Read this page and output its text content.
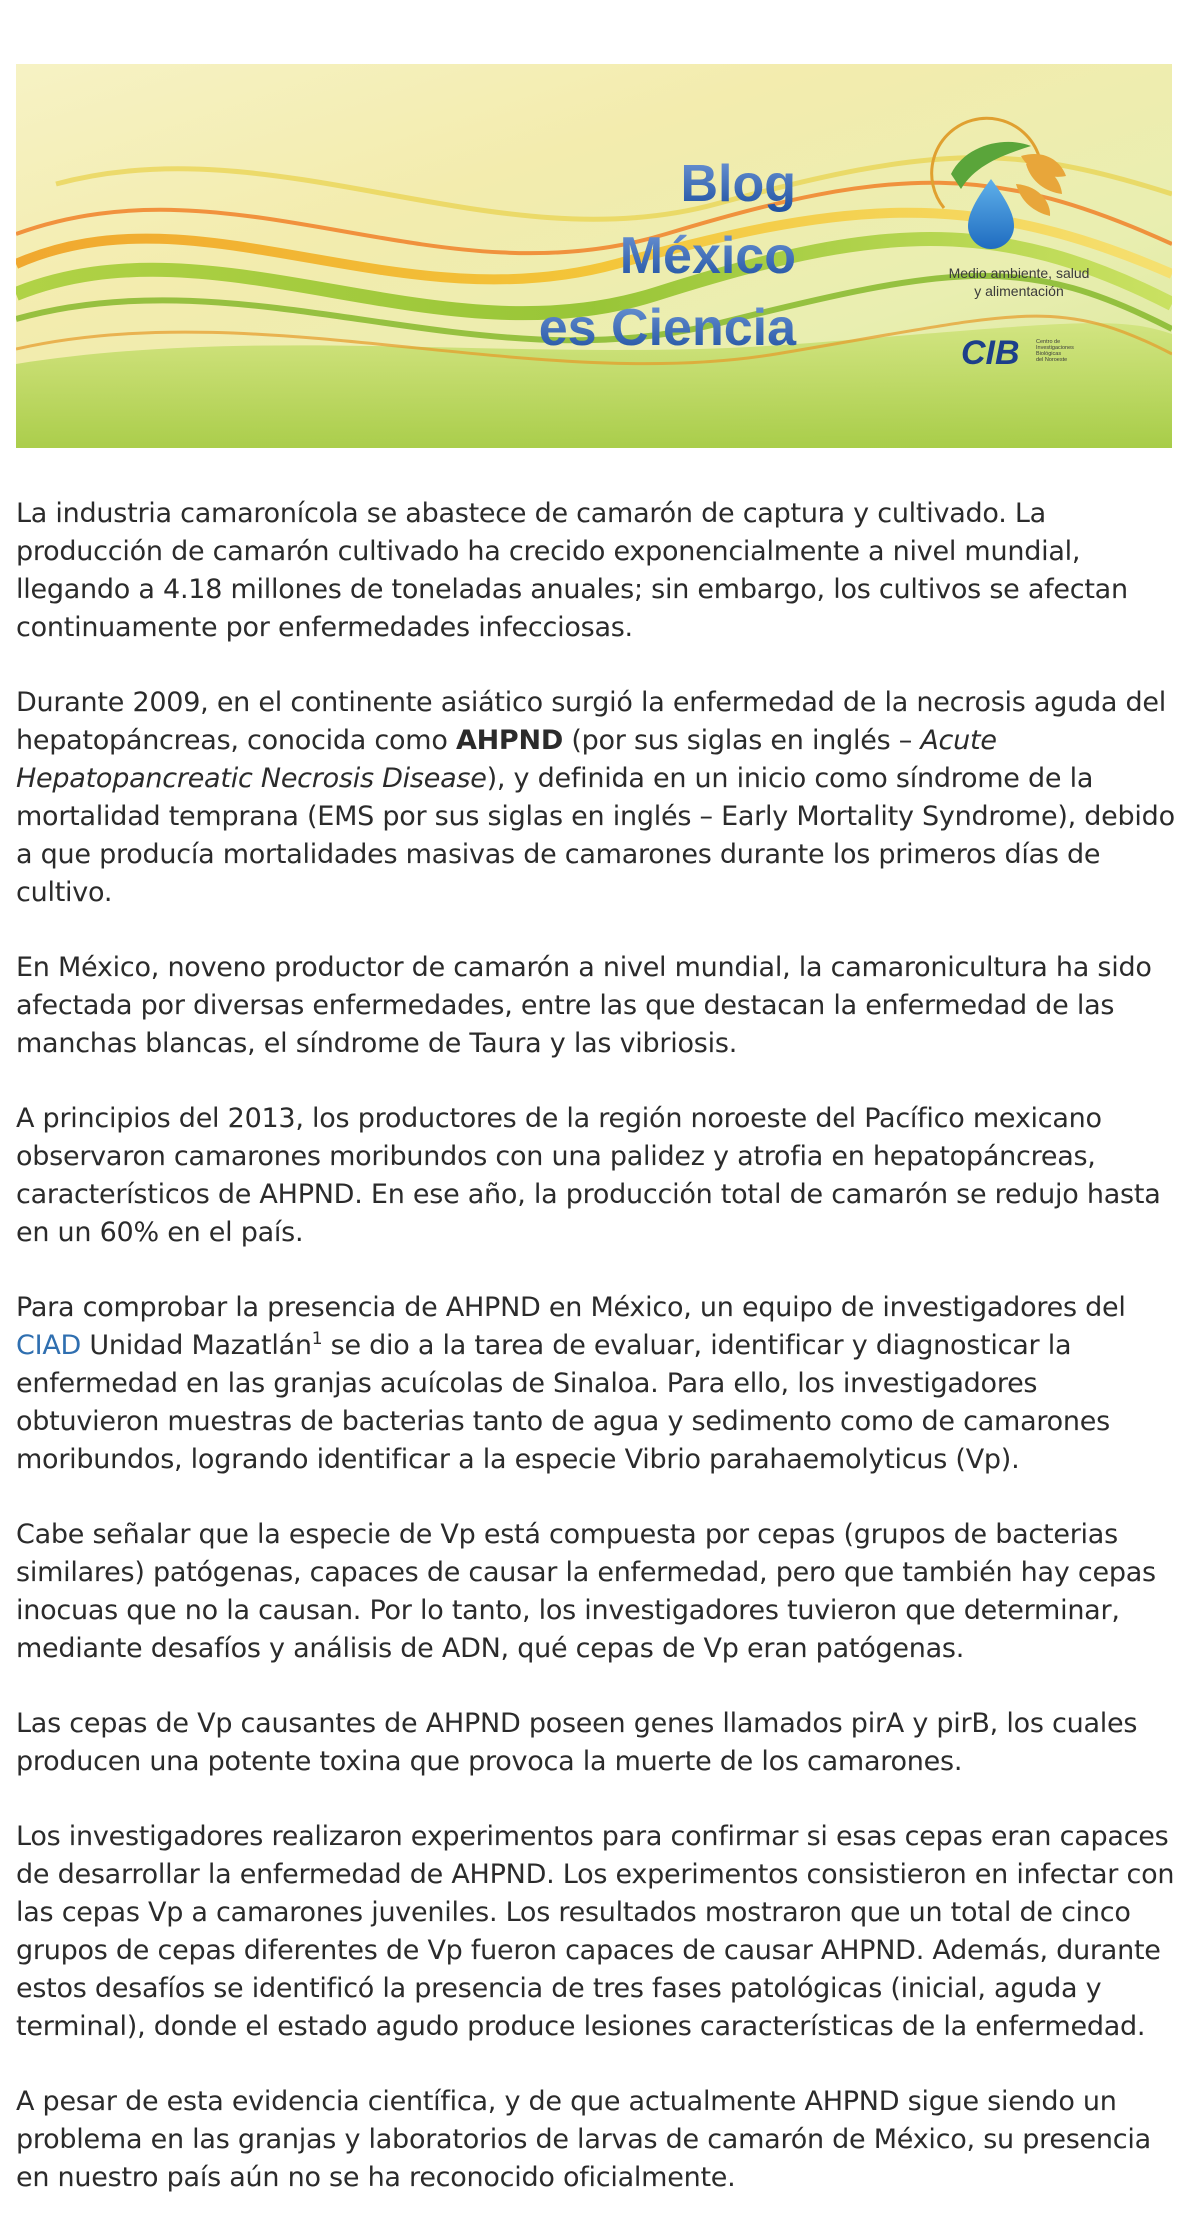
Blog
México
es Ciencia
Medio ambiente, salud
y alimentación
CIB	Centro de
Investigaciones
Biológicas
del Noroeste

La industria camaronícola se abastece de camarón de captura y cultivado. La producción de camarón cultivado ha crecido exponencialmente a nivel mundial, llegando a 4.18 millones de toneladas anuales; sin embargo, los cultivos se afectan continuamente por enfermedades infecciosas.

Durante 2009, en el continente asiático surgió la enfermedad de la necrosis aguda del hepatopáncreas, conocida como AHPND (por sus siglas en inglés – Acute Hepatopancreatic Necrosis Disease), y definida en un inicio como síndrome de la mortalidad temprana (EMS por sus siglas en inglés – Early Mortality Syndrome), debido a que producía mortalidades masivas de camarones durante los primeros días de cultivo.

En México, noveno productor de camarón a nivel mundial, la camaronicultura ha sido afectada por diversas enfermedades, entre las que destacan la enfermedad de las manchas blancas, el síndrome de Taura y las vibriosis.

A principios del 2013, los productores de la región noroeste del Pacífico mexicano observaron camarones moribundos con una palidez y atrofia en hepatopáncreas, característicos de AHPND. En ese año, la producción total de camarón se redujo hasta en un 60% en el país.

Para comprobar la presencia de AHPND en México, un equipo de investigadores del CIAD Unidad Mazatlán$^1$ se dio a la tarea de evaluar, identificar y diagnosticar la enfermedad en las granjas acuícolas de Sinaloa. Para ello, los investigadores obtuvieron muestras de bacterias tanto de agua y sedimento como de camarones moribundos, logrando identificar a la especie Vibrio parahaemolyticus (Vp).

Cabe señalar que la especie de Vp está compuesta por cepas (grupos de bacterias similares) patógenas, capaces de causar la enfermedad, pero que también hay cepas inocuas que no la causan. Por lo tanto, los investigadores tuvieron que determinar, mediante desafíos y análisis de ADN, qué cepas de Vp eran patógenas.

Las cepas de Vp causantes de AHPND poseen genes llamados pirA y pirB, los cuales producen una potente toxina que provoca la muerte de los camarones.

Los investigadores realizaron experimentos para confirmar si esas cepas eran capaces de desarrollar la enfermedad de AHPND. Los experimentos consistieron en infectar con las cepas Vp a camarones juveniles. Los resultados mostraron que un total de cinco grupos de cepas diferentes de Vp fueron capaces de causar AHPND. Además, durante estos desafíos se identificó la presencia de tres fases patológicas (inicial, aguda y terminal), donde el estado agudo produce lesiones características de la enfermedad.

A pesar de esta evidencia científica, y de que actualmente AHPND sigue siendo un problema en las granjas y laboratorios de larvas de camarón de México, su presencia en nuestro país aún no se ha reconocido oficialmente.
